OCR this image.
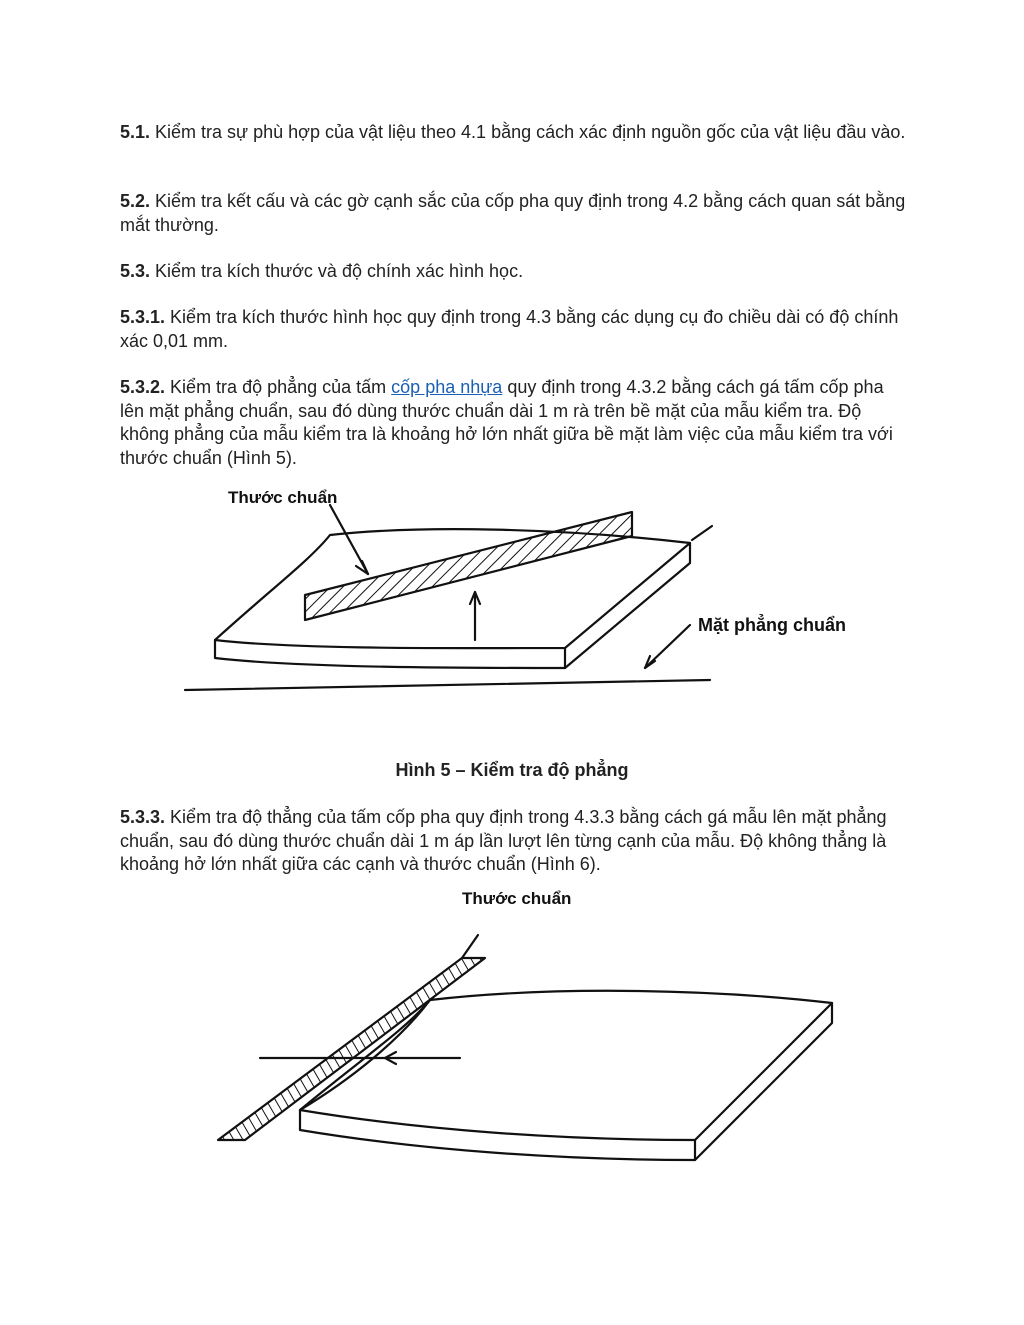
5.1. Kiểm tra sự phù hợp của vật liệu theo 4.1 bằng cách xác định nguồn gốc của vật liệu đầu vào.

5.2. Kiểm tra kết cấu và các gờ cạnh sắc của cốp pha quy định trong 4.2 bằng cách quan sát bằng mắt thường.

5.3. Kiểm tra kích thước và độ chính xác hình học.

5.3.1. Kiểm tra kích thước hình học quy định trong 4.3 bằng các dụng cụ đo chiều dài có độ chính xác 0,01 mm.

5.3.2. Kiểm tra độ phẳng của tấm cốp pha nhựa quy định trong 4.3.2 bằng cách gá tấm cốp pha lên mặt phẳng chuẩn, sau đó dùng thước chuẩn dài 1 m rà trên bề mặt của mẫu kiểm tra. Độ không phẳng của mẫu kiểm tra là khoảng hở lớn nhất giữa bề mặt làm việc của mẫu kiểm tra với thước chuẩn (Hình 5).

Thước chuẩn
Mặt phẳng chuẩn

Hình 5 – Kiểm tra độ phẳng

5.3.3. Kiểm tra độ thẳng của tấm cốp pha quy định trong 4.3.3 bằng cách gá mẫu lên mặt phẳng chuẩn, sau đó dùng thước chuẩn dài 1 m áp lần lượt lên từng cạnh của mẫu. Độ không thẳng là khoảng hở lớn nhất giữa các cạnh và thước chuẩn (Hình 6).

Thước chuẩn
